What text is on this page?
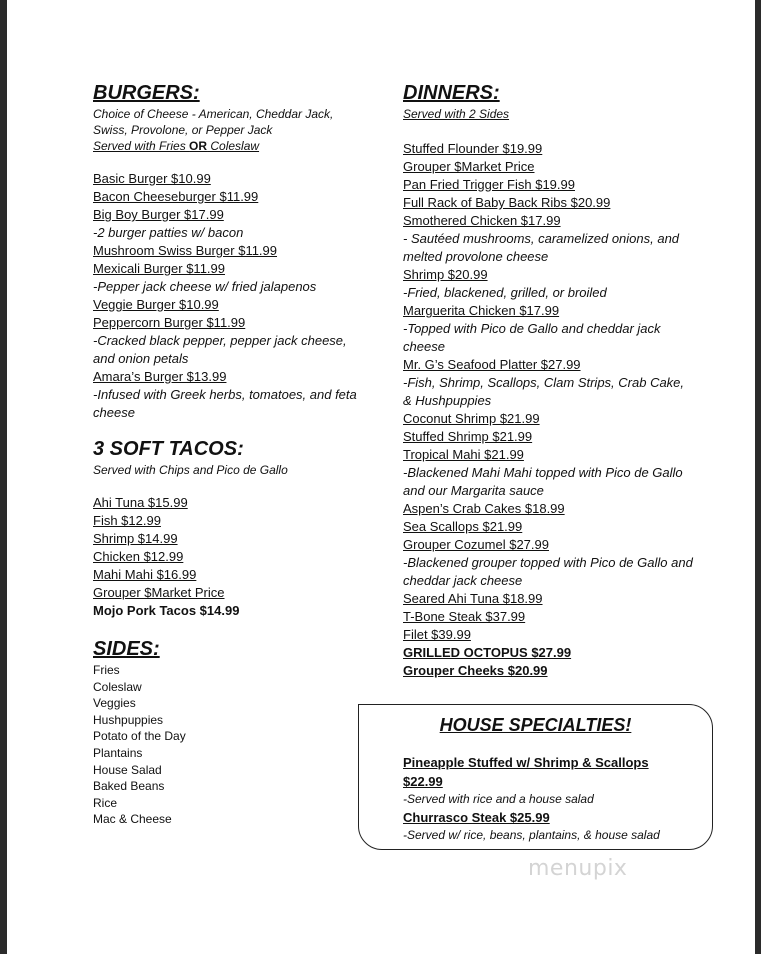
BURGERS:
Choice of Cheese - American, Cheddar Jack, Swiss, Provolone, or Pepper Jack
Served with Fries OR Coleslaw
Basic Burger $10.99
Bacon Cheeseburger $11.99
Big Boy Burger $17.99
-2 burger patties w/ bacon
Mushroom Swiss Burger $11.99
Mexicali Burger $11.99
-Pepper jack cheese w/ fried jalapenos
Veggie Burger $10.99
Peppercorn Burger $11.99
-Cracked black pepper, pepper jack cheese, and onion petals
Amara’s Burger $13.99
-Infused with Greek herbs, tomatoes, and feta cheese
3 SOFT TACOS:
Served with Chips and Pico de Gallo
Ahi Tuna $15.99
Fish $12.99
Shrimp $14.99
Chicken $12.99
Mahi Mahi $16.99
Grouper $Market Price
Mojo Pork Tacos $14.99
SIDES:
Fries
Coleslaw
Veggies
Hushpuppies
Potato of the Day
Plantains
House Salad
Baked Beans
Rice
Mac & Cheese
DINNERS:
Served with 2 Sides
Stuffed Flounder $19.99
Grouper $Market Price
Pan Fried Trigger Fish $19.99
Full Rack of Baby Back Ribs $20.99
Smothered Chicken $17.99
- Sautéed mushrooms, caramelized onions, and melted provolone cheese
Shrimp $20.99
-Fried, blackened, grilled, or broiled
Marguerita Chicken $17.99
-Topped with Pico de Gallo and cheddar jack cheese
Mr. G’s Seafood Platter $27.99
-Fish, Shrimp, Scallops, Clam Strips, Crab Cake, & Hushpuppies
Coconut Shrimp $21.99
Stuffed Shrimp $21.99
Tropical Mahi $21.99
-Blackened Mahi Mahi topped with Pico de Gallo and our Margarita sauce
Aspen’s Crab Cakes $18.99
Sea Scallops $21.99
Grouper Cozumel $27.99
-Blackened grouper topped with Pico de Gallo and cheddar jack cheese
Seared Ahi Tuna $18.99
T-Bone Steak $37.99
Filet $39.99
GRILLED OCTOPUS $27.99
Grouper Cheeks $20.99
HOUSE SPECIALTIES!
Pineapple Stuffed w/ Shrimp & Scallops
$22.99
-Served with rice and a house salad
Churrasco Steak $25.99
-Served w/ rice, beans, plantains, & house salad
menupix
